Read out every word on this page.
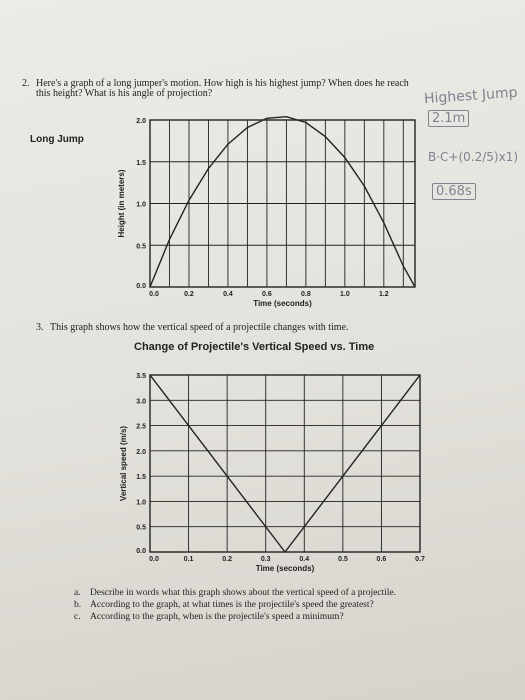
2. Here's a graph of a long jumper's motion. How high is his highest jump? When does he reach
this height? What is his angle of projection?
Long Jump
0.0	0.2	0.4	0.6	0.8	1.0	1.2
0.0
0.5
1.0
1.5
2.0
Time (seconds)
Height (in meters)
3. This graph shows how the vertical speed of a projectile changes with time.
Change of Projectile's Vertical Speed vs. Time
0.0	0.1	0.2	0.3	0.4	0.5	0.6	0.7
0.0
0.5
1.0
1.5
2.0
2.5
3.0
3.5
Time (seconds)
Vertical speed (m/s)
a. Describe in words what this graph shows about the vertical speed of a projectile.
b. According to the graph, at what times is the projectile's speed the greatest?
c. According to the graph, when is the projectile's speed a minimum?
Highest Jump
2.1m
B·C+(0.2/5)x1)
0.68s
